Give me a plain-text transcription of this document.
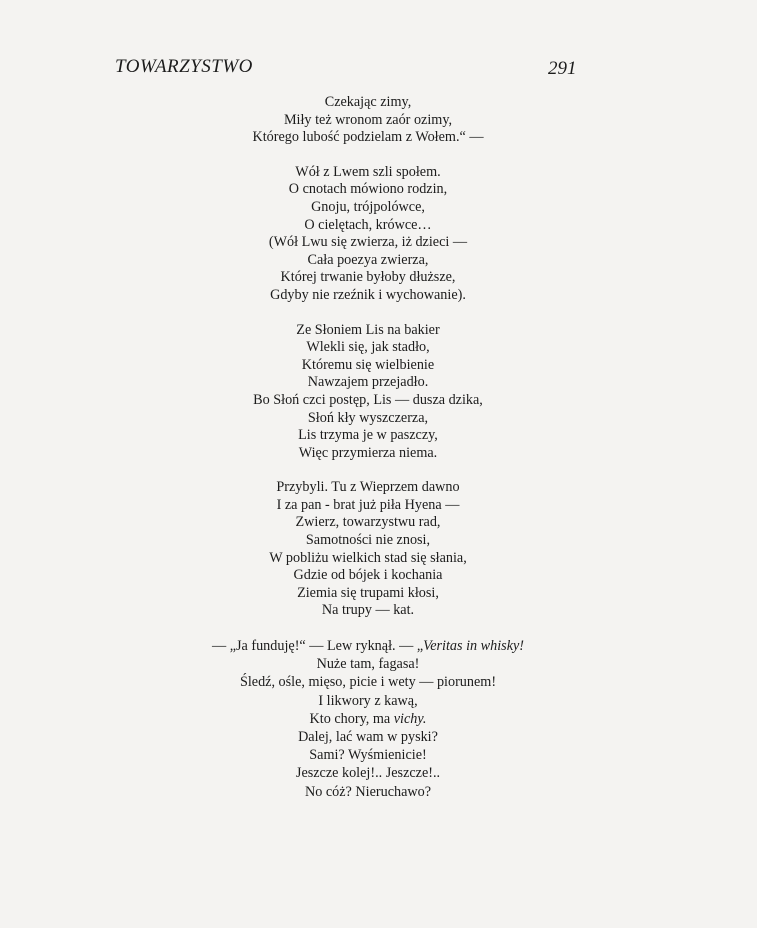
TOWARZYSTWO	291
Czekając zimy,
Miły też wronom zaór ozimy,
Którego lubość podzielam z Wołem.“ —
Wół z Lwem szli społem.
O cnotach mówiono rodzin,
Gnoju, trójpolówce,
O cielętach, krówce…
(Wół Lwu się zwierza, iż dzieci —
Cała poezya zwierza,
Której trwanie byłoby dłuższe,
Gdyby nie rzeźnik i wychowanie).
Ze Słoniem Lis na bakier
Wlekli się, jak stadło,
Któremu się wielbienie
Nawzajem przejadło.
Bo Słoń czci postęp, Lis — dusza dzika,
Słoń kły wyszczerza,
Lis trzyma je w paszczy,
Więc przymierza niema.
Przybyli. Tu z Wieprzem dawno
I za pan - brat już piła Hyena —
Zwierz, towarzystwu rad,
Samotności nie znosi,
W pobliżu wielkich stad się słania,
Gdzie od bójek i kochania
Ziemia się trupami kłosi,
Na trupy — kat.
— „Ja funduję!“ — Lew ryknął. — „Veritas in whisky!
Nuże tam, fagasa!
Śledź, ośle, mięso, picie i wety — piorunem!
I likwory z kawą,
Kto chory, ma vichy.
Dalej, lać wam w pyski?
Sami? Wyśmienicie!
Jeszcze kolej!.. Jeszcze!..
No cóż? Nieruchawo?
